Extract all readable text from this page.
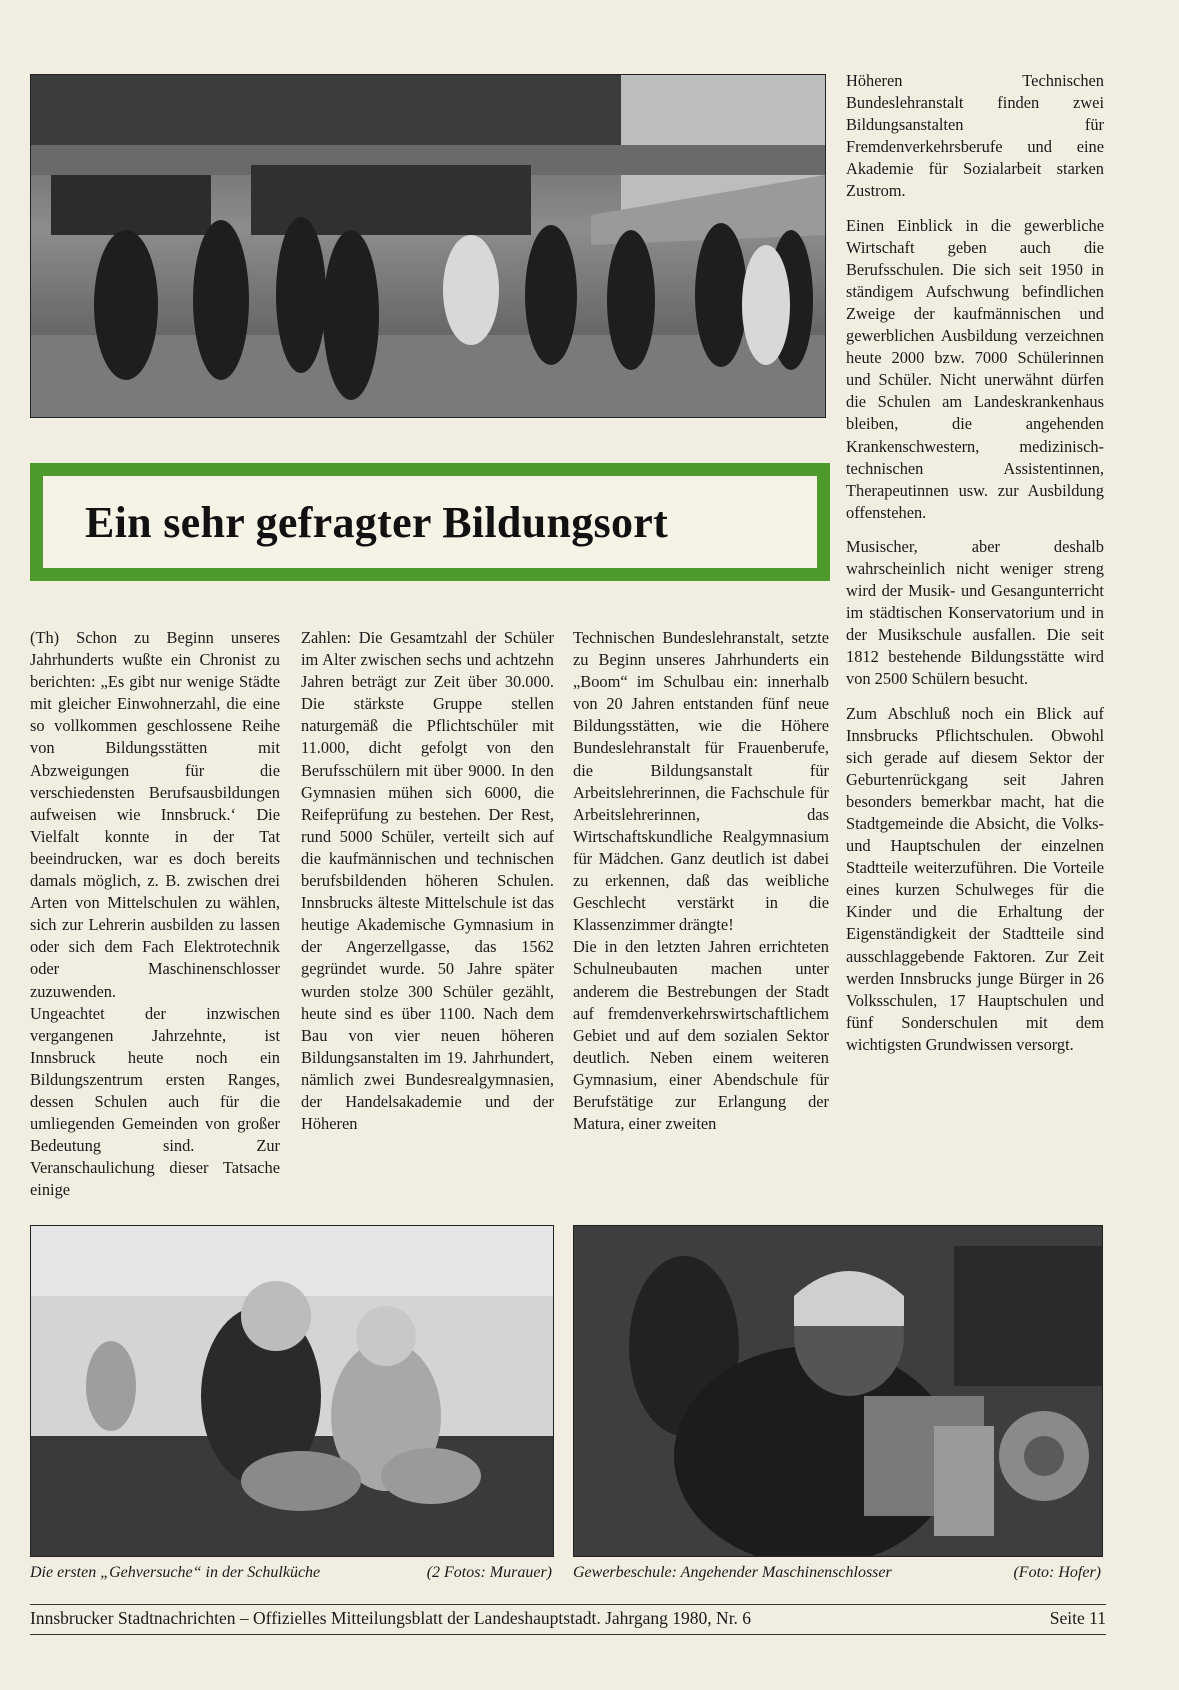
Ein sehr gefragter Bildungsort

Höheren Technischen Bundeslehranstalt finden zwei Bildungsanstalten für Fremdenverkehrsberufe und eine Akademie für Sozialarbeit starken Zustrom.

Einen Einblick in die gewerbliche Wirtschaft geben auch die Berufsschulen. Die sich seit 1950 in ständigem Aufschwung befindlichen Zweige der kaufmännischen und gewerblichen Ausbildung verzeichnen heute 2000 bzw. 7000 Schülerinnen und Schüler. Nicht unerwähnt dürfen die Schulen am Landeskrankenhaus bleiben, die angehenden Krankenschwestern, medizinisch-technischen Assistentinnen, Therapeutinnen usw. zur Ausbildung offenstehen.

Musischer, aber deshalb wahrscheinlich nicht weniger streng wird der Musik- und Gesangunterricht im städtischen Konservatorium und in der Musikschule ausfallen. Die seit 1812 bestehende Bildungsstätte wird von 2500 Schülern besucht.

Zum Abschluß noch ein Blick auf Innsbrucks Pflichtschulen. Obwohl sich gerade auf diesem Sektor der Geburtenrückgang seit Jahren besonders bemerkbar macht, hat die Stadtgemeinde die Absicht, die Volks- und Hauptschulen der einzelnen Stadtteile weiterzuführen. Die Vorteile eines kurzen Schulweges für die Kinder und die Erhaltung der Eigenständigkeit der Stadtteile sind ausschlaggebende Faktoren. Zur Zeit werden Innsbrucks junge Bürger in 26 Volksschulen, 17 Hauptschulen und fünf Sonderschulen mit dem wichtigsten Grundwissen versorgt.

(Th) Schon zu Beginn unseres Jahrhunderts wußte ein Chronist zu berichten: „Es gibt nur wenige Städte mit gleicher Einwohnerzahl, die eine so vollkommen geschlossene Reihe von Bildungsstätten mit Abzweigungen für die verschiedensten Berufsausbildungen aufweisen wie Innsbruck.‘ Die Vielfalt konnte in der Tat beeindrucken, war es doch bereits damals möglich, z. B. zwischen drei Arten von Mittelschulen zu wählen, sich zur Lehrerin ausbilden zu lassen oder sich dem Fach Elektrotechnik oder Maschinenschlosser zuzuwenden.

Ungeachtet der inzwischen vergangenen Jahrzehnte, ist Innsbruck heute noch ein Bildungszentrum ersten Ranges, dessen Schulen auch für die umliegenden Gemeinden von großer Bedeutung sind. Zur Veranschaulichung dieser Tatsache einige

Zahlen: Die Gesamtzahl der Schüler im Alter zwischen sechs und achtzehn Jahren beträgt zur Zeit über 30.000. Die stärkste Gruppe stellen naturgemäß die Pflichtschüler mit 11.000, dicht gefolgt von den Berufsschülern mit über 9000. In den Gymnasien mühen sich 6000, die Reifeprüfung zu bestehen. Der Rest, rund 5000 Schüler, verteilt sich auf die kaufmännischen und technischen berufsbildenden höheren Schulen. Innsbrucks älteste Mittelschule ist das heutige Akademische Gymnasium in der Angerzellgasse, das 1562 gegründet wurde. 50 Jahre später wurden stolze 300 Schüler gezählt, heute sind es über 1100. Nach dem Bau von vier neuen höheren Bildungsanstalten im 19. Jahrhundert, nämlich zwei Bundesrealgymnasien, der Handelsakademie und der Höheren

Technischen Bundeslehranstalt, setzte zu Beginn unseres Jahrhunderts ein „Boom“ im Schulbau ein: innerhalb von 20 Jahren entstanden fünf neue Bildungsstätten, wie die Höhere Bundeslehranstalt für Frauenberufe, die Bildungsanstalt für Arbeitslehrerinnen, die Fachschule für Arbeitslehrerinnen, das Wirtschaftskundliche Realgymnasium für Mädchen. Ganz deutlich ist dabei zu erkennen, daß das weibliche Geschlecht verstärkt in die Klassenzimmer drängte!

Die in den letzten Jahren errichteten Schulneubauten machen unter anderem die Bestrebungen der Stadt auf fremdenverkehrswirtschaftlichem Gebiet und auf dem sozialen Sektor deutlich. Neben einem weiteren Gymnasium, einer Abendschule für Berufstätige zur Erlangung der Matura, einer zweiten

Die ersten „Gehversuche“ in der Schulküche	(2 Fotos: Murauer) Gewerbeschule: Angehender Maschinenschlosser	(Foto: Hofer)
Innsbrucker Stadtnachrichten – Offizielles Mitteilungsblatt der Landeshauptstadt. Jahrgang 1980, Nr. 6	Seite 11
